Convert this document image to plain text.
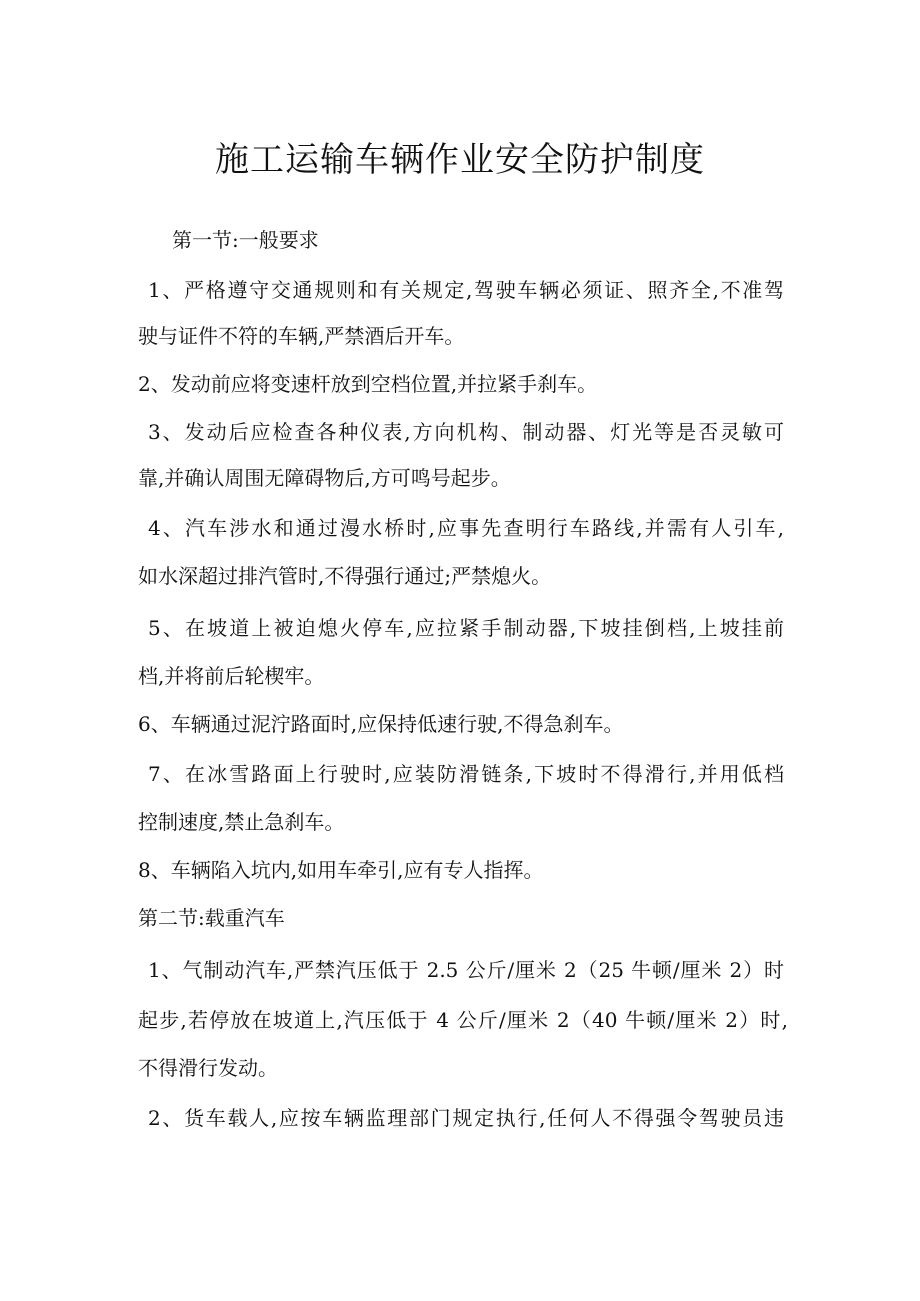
施工运输车辆作业安全防护制度

第一节:一般要求

1、严格遵守交通规则和有关规定,驾驶车辆必须证、照齐全,不准驾

驶与证件不符的车辆,严禁酒后开车。

2、发动前应将变速杆放到空档位置,并拉紧手刹车。

3、发动后应检查各种仪表,方向机构、制动器、灯光等是否灵敏可

靠,并确认周围无障碍物后,方可鸣号起步。

4、汽车涉水和通过漫水桥时,应事先查明行车路线,并需有人引车,

如水深超过排汽管时,不得强行通过;严禁熄火。

5、在坡道上被迫熄火停车,应拉紧手制动器,下坡挂倒档,上坡挂前

档,并将前后轮楔牢。

6、车辆通过泥泞路面时,应保持低速行驶,不得急刹车。

7、在冰雪路面上行驶时,应装防滑链条,下坡时不得滑行,并用低档

控制速度,禁止急刹车。

8、车辆陷入坑内,如用车牵引,应有专人指挥。

第二节:载重汽车

1、气制动汽车,严禁汽压低于 2.5 公斤/厘米 2（25 牛顿/厘米 2）时

起步,若停放在坡道上,汽压低于 4 公斤/厘米 2（40 牛顿/厘米 2）时,

不得滑行发动。

2、货车载人,应按车辆监理部门规定执行,任何人不得强令驾驶员违
